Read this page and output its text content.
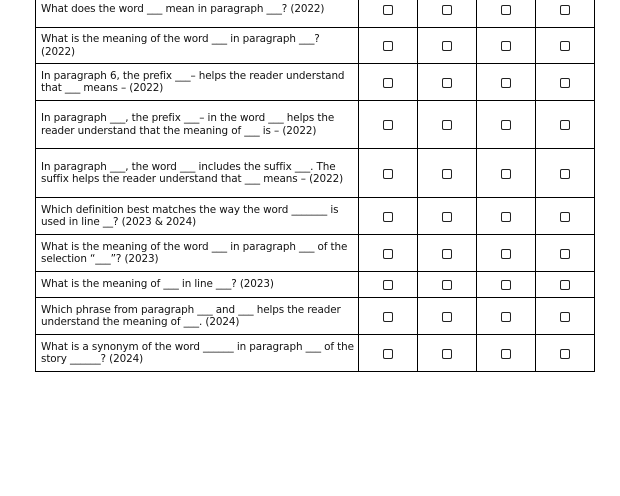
What does the word ___ mean in paragraph ___? (2022)				
What is the meaning of the word ___ in paragraph ___? (2022)				
In paragraph 6, the prefix ___– helps the reader understand that ___ means – (2022)				
In paragraph ___, the prefix ___– in the word ___ helps the reader understand that the meaning of ___ is – (2022)				
In paragraph ___, the word ___ includes the suffix ___. The suffix helps the reader understand that ___ means – (2022)				
Which definition best matches the way the word _______ is used in line __? (2023 & 2024)				
What is the meaning of the word ___ in paragraph ___ of the selection “___”? (2023)				
What is the meaning of ___ in line ___? (2023)				
Which phrase from paragraph ___ and ___ helps the reader understand the meaning of ___. (2024)				
What is a synonym of the word ______ in paragraph ___ of the story ______? (2024)				
